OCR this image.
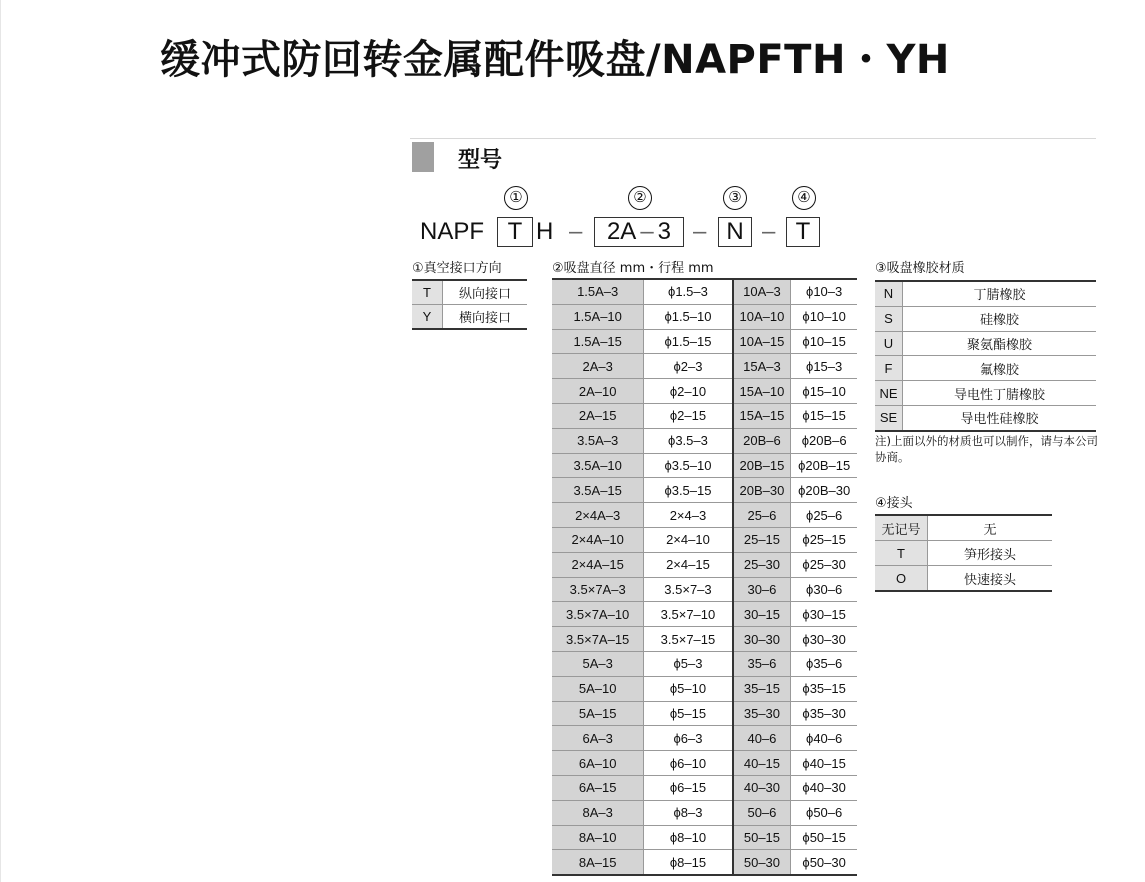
缓冲式防回转金属配件吸盘/NAPFTH・YH
型号
①	②	③	④
NAPF T H –	2A – 3 – N – T
①真空接口方向	②吸盘直径 mm・行程 mm	③吸盘橡胶材质
T	纵向接口
Y	横向接口
1.5A–3	ϕ1.5–3	10A–3	ϕ10–3
1.5A–10	ϕ1.5–10	10A–10	ϕ10–10
1.5A–15	ϕ1.5–15	10A–15	ϕ10–15
2A–3	ϕ2–3	15A–3	ϕ15–3
2A–10	ϕ2–10	15A–10	ϕ15–10
2A–15	ϕ2–15	15A–15	ϕ15–15
3.5A–3	ϕ3.5–3	20B–6	ϕ20B–6
3.5A–10	ϕ3.5–10	20B–15	ϕ20B–15
3.5A–15	ϕ3.5–15	20B–30	ϕ20B–30
2×4A–3	2×4–3	25–6	ϕ25–6
2×4A–10	2×4–10	25–15	ϕ25–15
2×4A–15	2×4–15	25–30	ϕ25–30
3.5×7A–3	3.5×7–3	30–6	ϕ30–6
3.5×7A–10	3.5×7–10	30–15	ϕ30–15
3.5×7A–15	3.5×7–15	30–30	ϕ30–30
5A–3	ϕ5–3	35–6	ϕ35–6
5A–10	ϕ5–10	35–15	ϕ35–15
5A–15	ϕ5–15	35–30	ϕ35–30
6A–3	ϕ6–3	40–6	ϕ40–6
6A–10	ϕ6–10	40–15	ϕ40–15
6A–15	ϕ6–15	40–30	ϕ40–30
8A–3	ϕ8–3	50–6	ϕ50–6
8A–10	ϕ8–10	50–15	ϕ50–15
8A–15	ϕ8–15	50–30	ϕ50–30
N	丁腈橡胶
S	硅橡胶
U	聚氨酯橡胶
F	氟橡胶
NE	导电性丁腈橡胶
SE	导电性硅橡胶
注)上面以外的材质也可以制作，请与本公司协商。
④接头
无记号	无
T	笋形接头
O	快速接头
